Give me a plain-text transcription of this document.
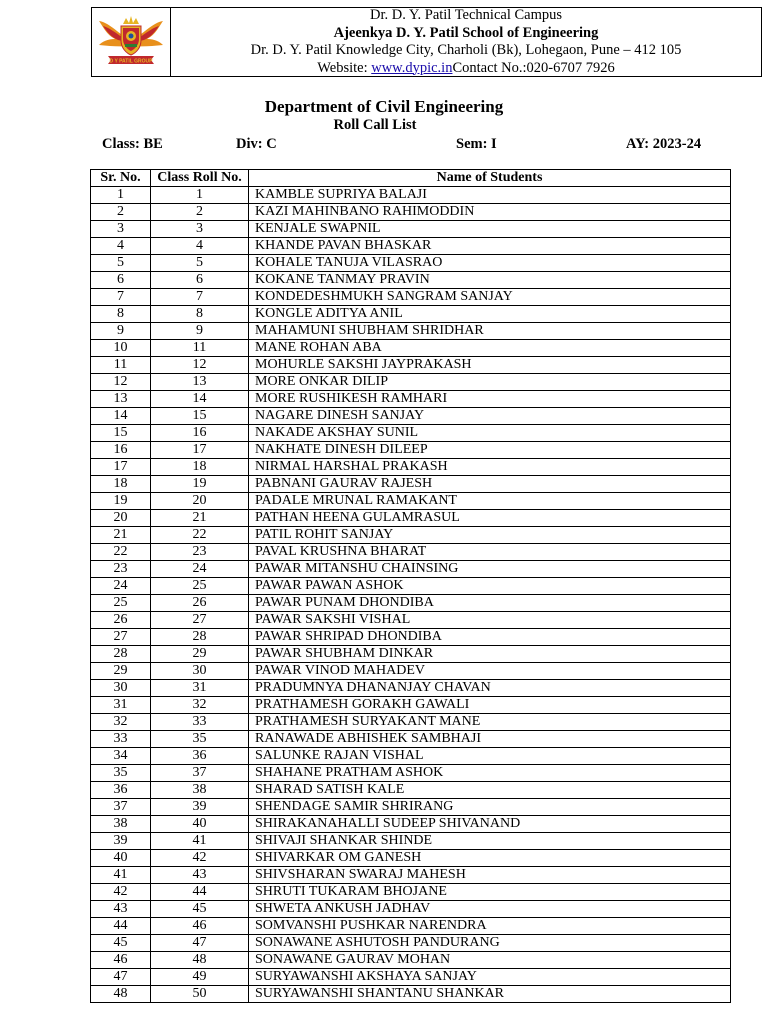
D Y PATIL GROUP
Dr. D. Y. Patil Technical Campus
Ajeenkya D. Y. Patil School of Engineering
Dr. D. Y. Patil Knowledge City, Charholi (Bk), Lohegaon, Pune – 412 105
Website: www.dypic.inContact No.:020-6707 7926
Department of Civil Engineering
Roll Call List
Class: BE	Div: C	Sem: I	AY: 2023-24
Sr. No.	Class Roll No.	Name of Students
1	1	KAMBLE SUPRIYA BALAJI
2	2	KAZI MAHINBANO RAHIMODDIN
3	3	KENJALE SWAPNIL
4	4	KHANDE PAVAN BHASKAR
5	5	KOHALE TANUJA VILASRAO
6	6	KOKANE TANMAY PRAVIN
7	7	KONDEDESHMUKH SANGRAM SANJAY
8	8	KONGLE ADITYA ANIL
9	9	MAHAMUNI SHUBHAM SHRIDHAR
10	11	MANE ROHAN ABA
11	12	MOHURLE SAKSHI JAYPRAKASH
12	13	MORE ONKAR DILIP
13	14	MORE RUSHIKESH RAMHARI
14	15	NAGARE DINESH SANJAY
15	16	NAKADE AKSHAY SUNIL
16	17	NAKHATE DINESH DILEEP
17	18	NIRMAL HARSHAL PRAKASH
18	19	PABNANI GAURAV RAJESH
19	20	PADALE MRUNAL RAMAKANT
20	21	PATHAN HEENA GULAMRASUL
21	22	PATIL ROHIT SANJAY
22	23	PAVAL KRUSHNA BHARAT
23	24	PAWAR MITANSHU CHAINSING
24	25	PAWAR PAWAN ASHOK
25	26	PAWAR PUNAM DHONDIBA
26	27	PAWAR SAKSHI VISHAL
27	28	PAWAR SHRIPAD DHONDIBA
28	29	PAWAR SHUBHAM DINKAR
29	30	PAWAR VINOD MAHADEV
30	31	PRADUMNYA DHANANJAY CHAVAN
31	32	PRATHAMESH GORAKH GAWALI
32	33	PRATHAMESH SURYAKANT MANE
33	35	RANAWADE ABHISHEK SAMBHAJI
34	36	SALUNKE RAJAN VISHAL
35	37	SHAHANE PRATHAM ASHOK
36	38	SHARAD SATISH KALE
37	39	SHENDAGE SAMIR SHRIRANG
38	40	SHIRAKANAHALLI SUDEEP SHIVANAND
39	41	SHIVAJI SHANKAR SHINDE
40	42	SHIVARKAR OM GANESH
41	43	SHIVSHARAN SWARAJ MAHESH
42	44	SHRUTI TUKARAM BHOJANE
43	45	SHWETA ANKUSH JADHAV
44	46	SOMVANSHI PUSHKAR NARENDRA
45	47	SONAWANE ASHUTOSH PANDURANG
46	48	SONAWANE GAURAV MOHAN
47	49	SURYAWANSHI AKSHAYA SANJAY
48	50	SURYAWANSHI SHANTANU SHANKAR
